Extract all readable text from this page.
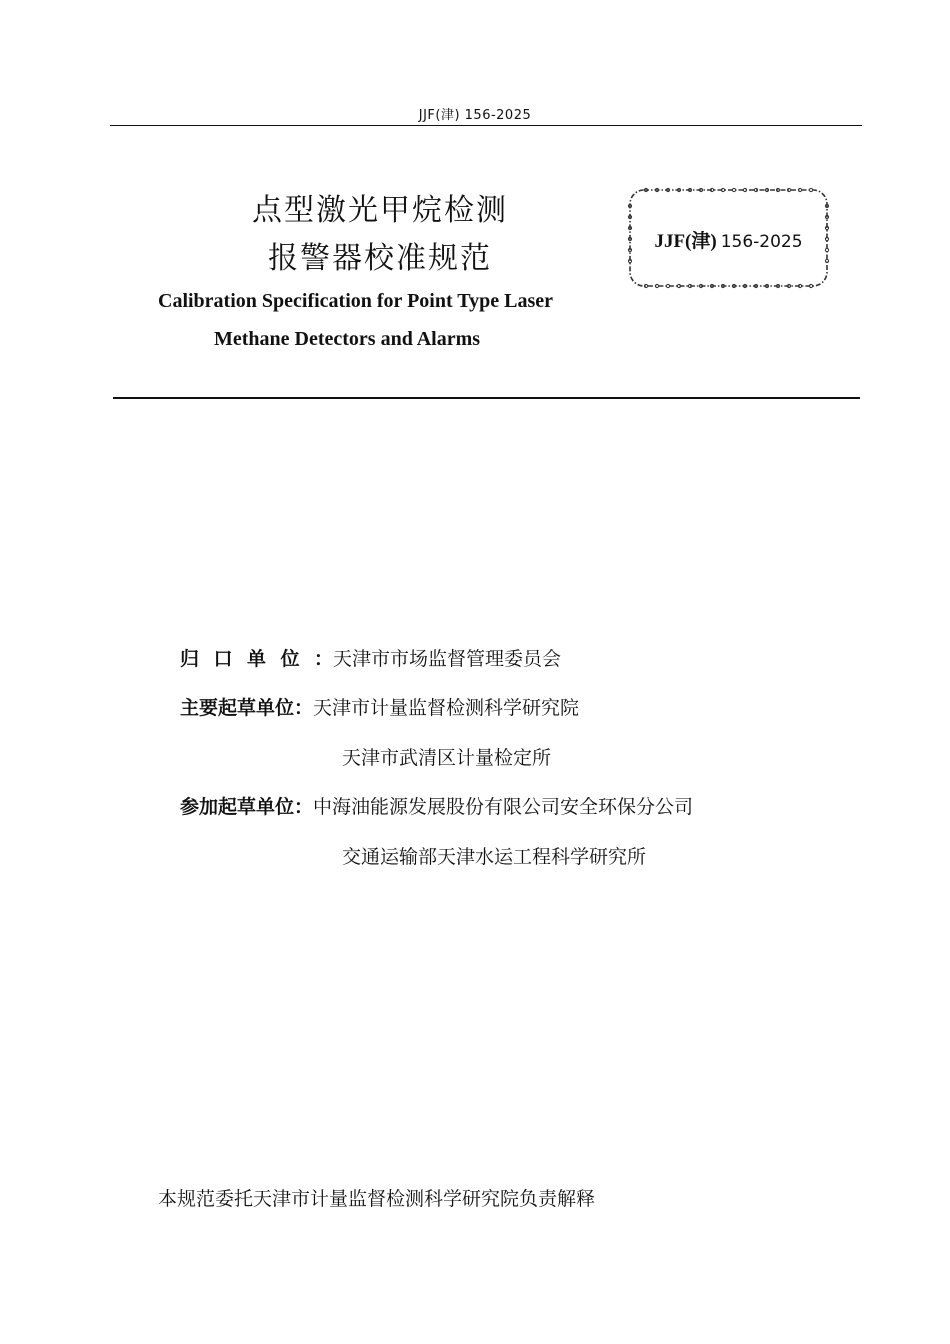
JJF(津) 156-2025
点型激光甲烷检测
报警器校准规范
Calibration Specification for Point Type Laser
Methane Detectors and Alarms
JJF(津) 156-2025
归口单位：天津市市场监督管理委员会
主要起草单位：天津市计量监督检测科学研究院
天津市武清区计量检定所
参加起草单位：中海油能源发展股份有限公司安全环保分公司
交通运输部天津水运工程科学研究所
本规范委托天津市计量监督检测科学研究院负责解释
